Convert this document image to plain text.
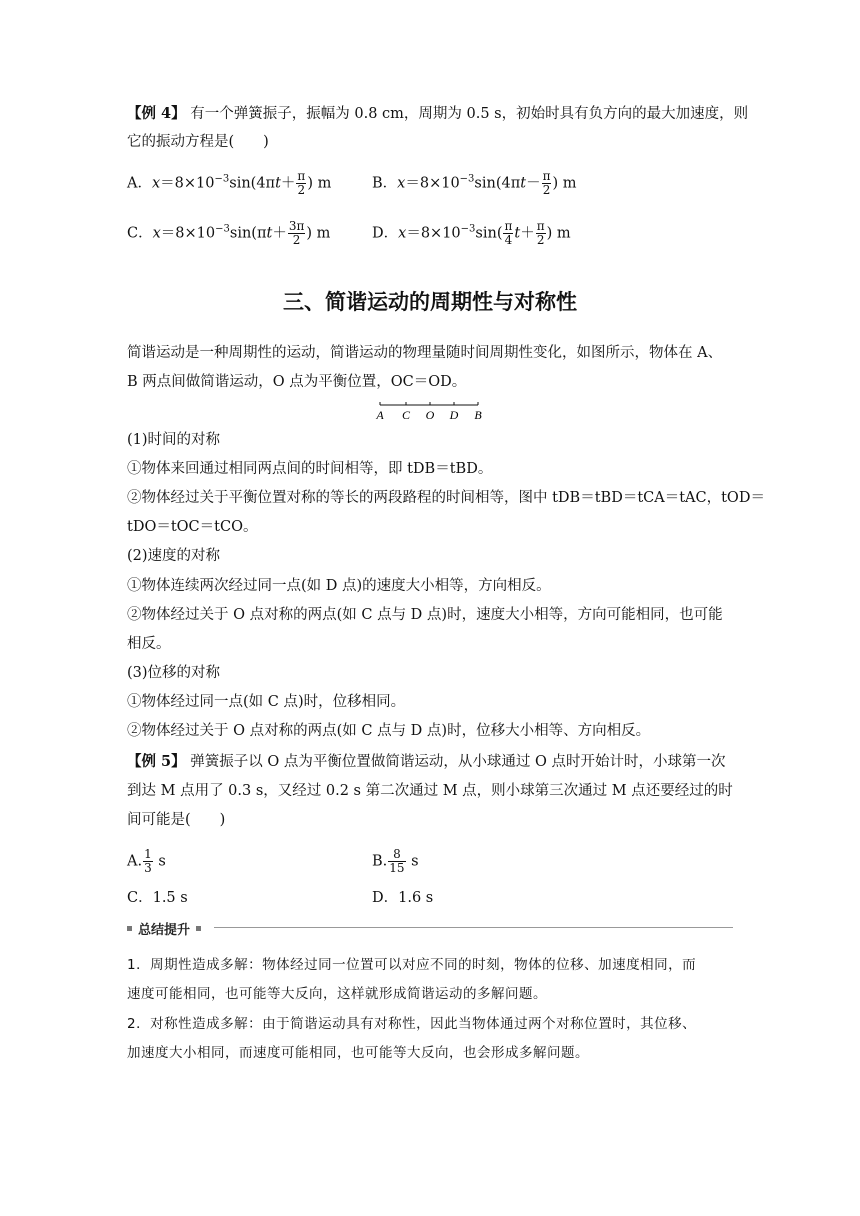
【例 4】 有一个弹簧振子，振幅为 0.8 cm，周期为 0.5 s，初始时具有负方向的最大加速度，则
它的振动方程是(　　)
A．$x=8\times 10^{-3}\sin(4\pi t+ \frac{\pi}{2}$ ) m	B．$x=8\times 10^{-3}\sin(4\pi t- \frac{\pi}{2}$ ) m
C．$x=8\times 10^{-3}\sin(\pi t+ \frac{3\pi}{2}$ ) m	D．$x=8\times 10^{-3}\sin( \frac{\pi}{4} t+ \frac{\pi}{2}$ ) m
三、简谐运动的周期性与对称性
简谐运动是一种周期性的运动，简谐运动的物理量随时间周期性变化，如图所示，物体在 A、
B 两点间做简谐运动，O 点为平衡位置，OC＝OD。
A C O D B
(1)时间的对称
①物体来回通过相同两点间的时间相等，即 tDB＝tBD。
②物体经过关于平衡位置对称的等长的两段路程的时间相等，图中 tDB＝tBD＝tCA＝tAC，tOD＝
tDO＝tOC＝tCO。
(2)速度的对称
①物体连续两次经过同一点(如 D 点)的速度大小相等，方向相反。
②物体经过关于 O 点对称的两点(如 C 点与 D 点)时，速度大小相等，方向可能相同，也可能
相反。
(3)位移的对称
①物体经过同一点(如 C 点)时，位移相同。
②物体经过关于 O 点对称的两点(如 C 点与 D 点)时，位移大小相等、方向相反。
【例 5】 弹簧振子以 O 点为平衡位置做简谐运动，从小球通过 O 点时开始计时，小球第一次
到达 M 点用了 0.3 s，又经过 0.2 s 第二次通过 M 点，则小球第三次通过 M 点还要经过的时
间可能是(　　)
A. $\frac{1}{3}$ s	B. $\frac{8}{15}$ s
C．1.5 s	D．1.6 s
总结提升
1．周期性造成多解：物体经过同一位置可以对应不同的时刻，物体的位移、加速度相同，而
速度可能相同，也可能等大反向，这样就形成简谐运动的多解问题。
2．对称性造成多解：由于简谐运动具有对称性，因此当物体通过两个对称位置时，其位移、
加速度大小相同，而速度可能相同，也可能等大反向，也会形成多解问题。
